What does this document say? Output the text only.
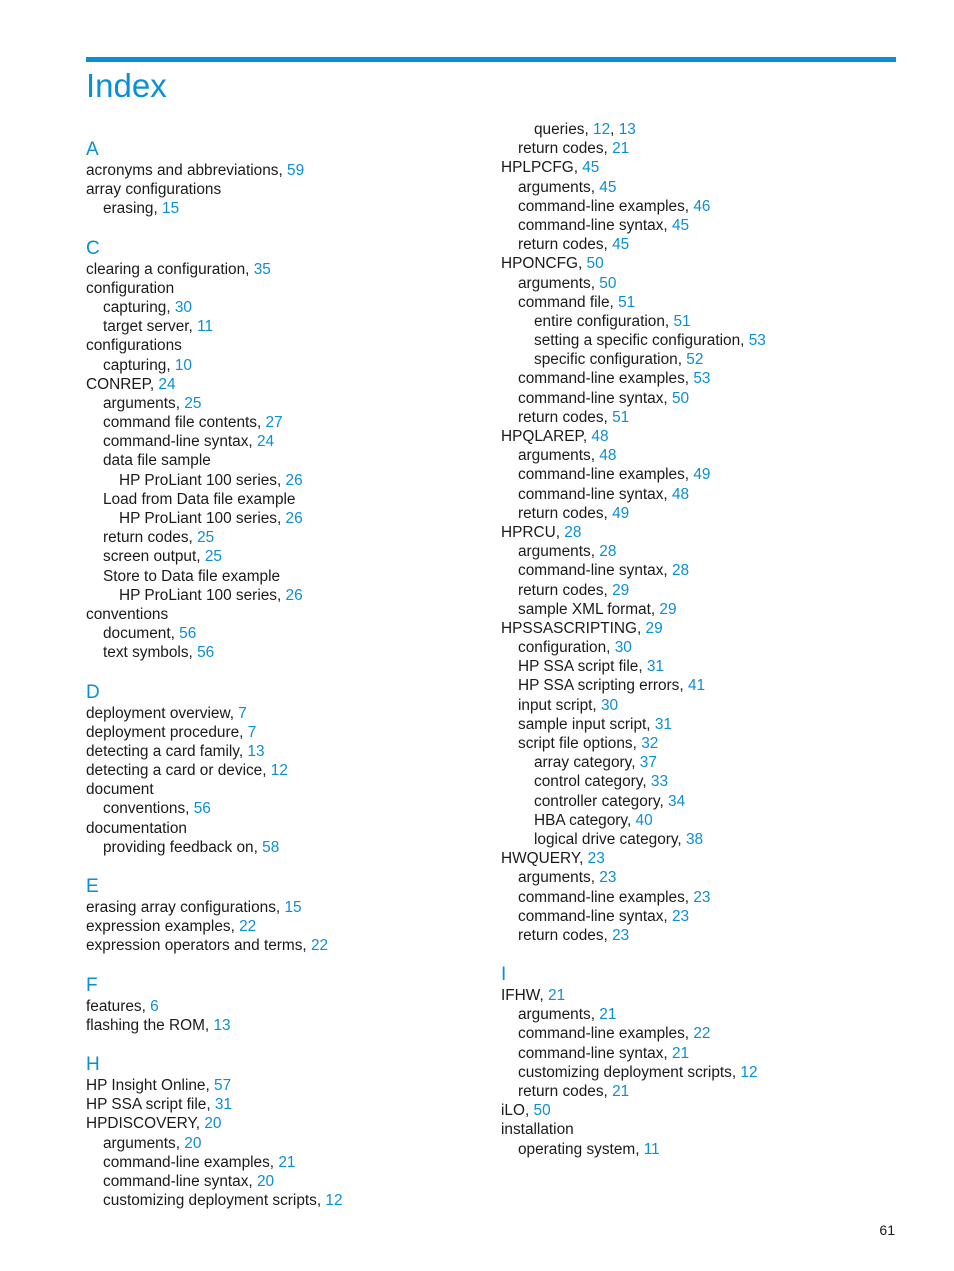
Index
A
acronyms and abbreviations, 59
array configurations
erasing, 15
C
clearing a configuration, 35
configuration
capturing, 30
target server, 11
configurations
capturing, 10
CONREP, 24
arguments, 25
command file contents, 27
command-line syntax, 24
data file sample
HP ProLiant 100 series, 26
Load from Data file example
HP ProLiant 100 series, 26
return codes, 25
screen output, 25
Store to Data file example
HP ProLiant 100 series, 26
conventions
document, 56
text symbols, 56
D
deployment overview, 7
deployment procedure, 7
detecting a card family, 13
detecting a card or device, 12
document
conventions, 56
documentation
providing feedback on, 58
E
erasing array configurations, 15
expression examples, 22
expression operators and terms, 22
F
features, 6
flashing the ROM, 13
H
HP Insight Online, 57
HP SSA script file, 31
HPDISCOVERY, 20
arguments, 20
command-line examples, 21
command-line syntax, 20
customizing deployment scripts, 12
queries, 12, 13
return codes, 21
HPLPCFG, 45
arguments, 45
command-line examples, 46
command-line syntax, 45
return codes, 45
HPONCFG, 50
arguments, 50
command file, 51
entire configuration, 51
setting a specific configuration, 53
specific configuration, 52
command-line examples, 53
command-line syntax, 50
return codes, 51
HPQLAREP, 48
arguments, 48
command-line examples, 49
command-line syntax, 48
return codes, 49
HPRCU, 28
arguments, 28
command-line syntax, 28
return codes, 29
sample XML format, 29
HPSSASCRIPTING, 29
configuration, 30
HP SSA script file, 31
HP SSA scripting errors, 41
input script, 30
sample input script, 31
script file options, 32
array category, 37
control category, 33
controller category, 34
HBA category, 40
logical drive category, 38
HWQUERY, 23
arguments, 23
command-line examples, 23
command-line syntax, 23
return codes, 23
I
IFHW, 21
arguments, 21
command-line examples, 22
command-line syntax, 21
customizing deployment scripts, 12
return codes, 21
iLO, 50
installation
operating system, 11
61
